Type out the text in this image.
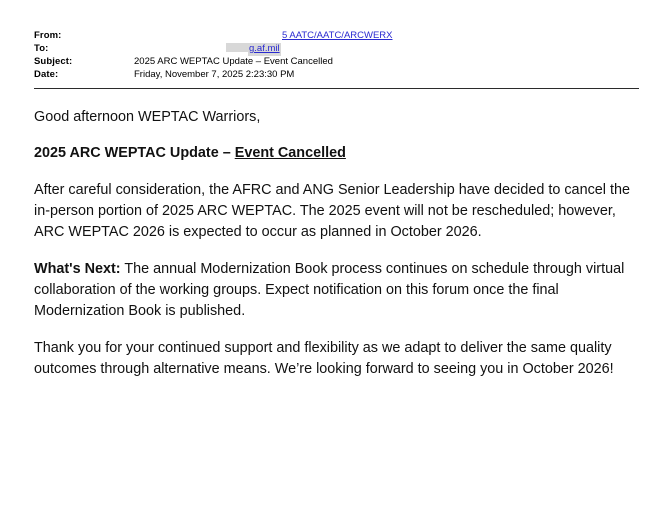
From:	5 AATC/AATC/ARCWERX
To:	g.af.mil
Subject:	2025 ARC WEPTAC Update – Event Cancelled
Date:	Friday, November 7, 2025 2:23:30 PM

Good afternoon WEPTAC Warriors,

2025 ARC WEPTAC Update – Event Cancelled

After careful consideration, the AFRC and ANG Senior Leadership have decided to cancel the in-person portion of 2025 ARC WEPTAC. The 2025 event will not be rescheduled; however, ARC WEPTAC 2026 is expected to occur as planned in October 2026.

What's Next: The annual Modernization Book process continues on schedule through virtual collaboration of the working groups. Expect notification on this forum once the final Modernization Book is published.

Thank you for your continued support and flexibility as we adapt to deliver the same quality outcomes through alternative means. We’re looking forward to seeing you in October 2026!
